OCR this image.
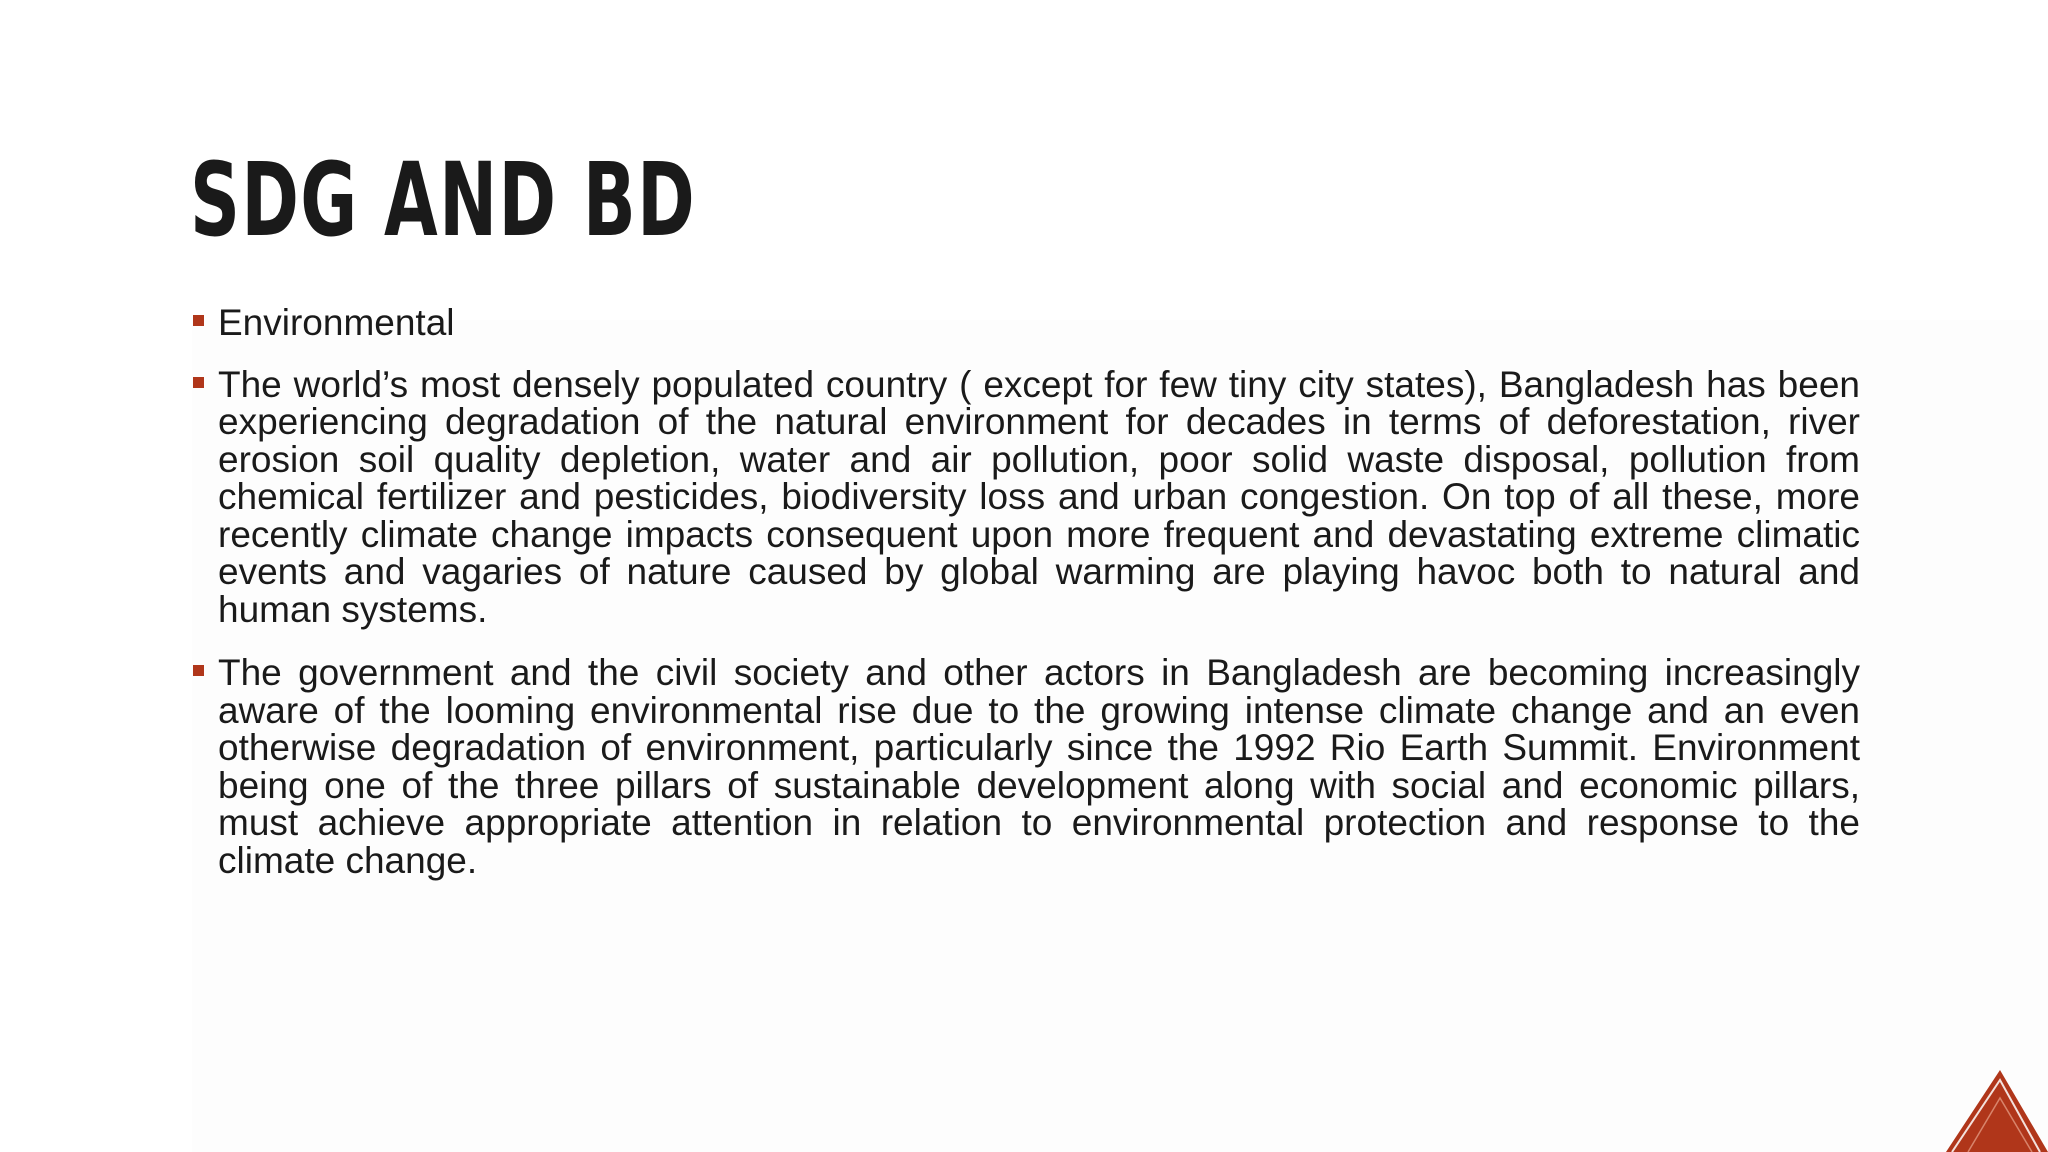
SDG AND BD
Environmental
The world’s most densely populated country ( except for few tiny city states), Bangladesh has been experiencing degradation of the natural environment for decades in terms of deforestation, river erosion soil quality depletion, water and air pollution, poor solid waste disposal, pollution from chemical fertilizer and pesticides, biodiversity loss and urban congestion. On top of all these, more recently climate change impacts consequent upon more frequent and devastating extreme climatic events and vagaries of nature caused by global warming are playing havoc both to natural and human systems.
The government and the civil society and other actors in Bangladesh are becoming increasingly aware of the looming environmental rise due to the growing intense climate change and an even otherwise degradation of environment, particularly since the 1992 Rio Earth Summit. Environment being one of the three pillars of sustainable development along with social and economic pillars, must achieve appropriate attention in relation to environmental protection and response to the climate change.
